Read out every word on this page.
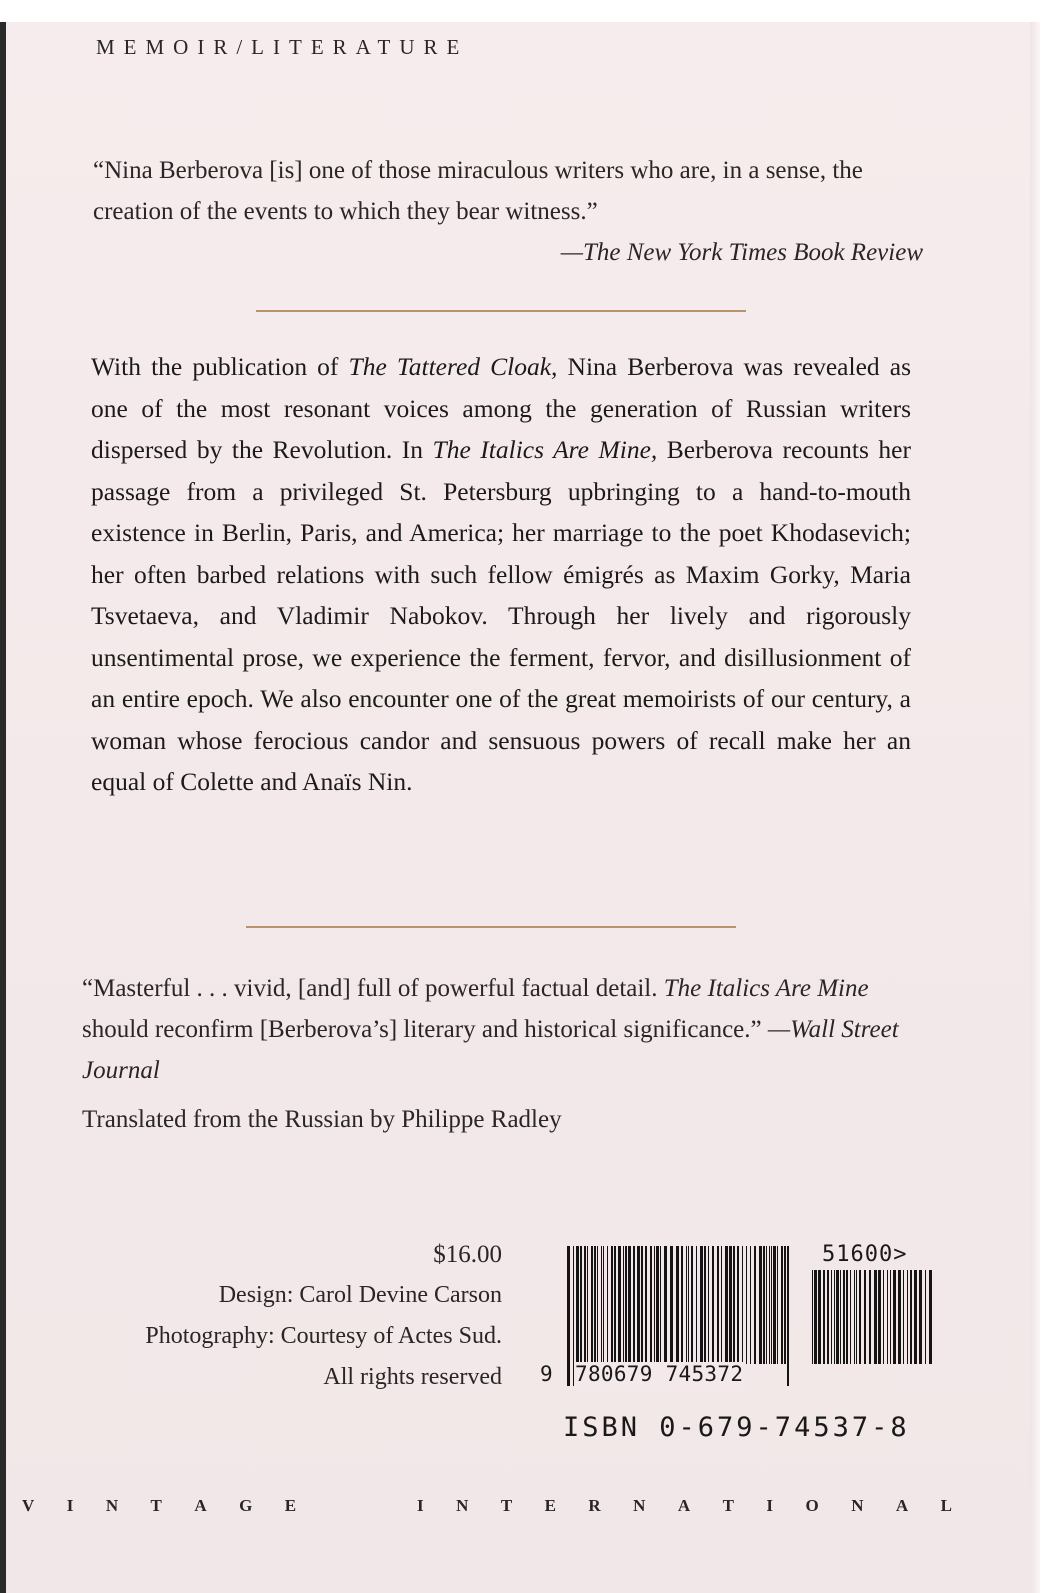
MEMOIR/LITERATURE
“Nina Berberova [is] one of those miraculous writers who are, in a sense, the creation of the events to which they bear witness.”
—The New York Times Book Review
With the publication of The Tattered Cloak, Nina Berberova was revealed as one of the most resonant voices among the generation of Russian writers dispersed by the Revolution. In The Italics Are Mine, Berberova recounts her passage from a privileged St. Petersburg upbringing to a hand-to-mouth existence in Berlin, Paris, and America; her marriage to the poet Khodasevich; her often barbed relations with such fellow émigrés as Maxim Gorky, Maria Tsvetaeva, and Vladimir Nabokov. Through her lively and rigorously unsentimental prose, we experience the ferment, fervor, and disillusionment of an entire epoch. We also encounter one of the great memoirists of our century, a woman whose ferocious candor and sensuous powers of recall make her an equal of Colette and Anaïs Nin.
“Masterful . . . vivid, [and] full of powerful factual detail. The Italics Are Mine should reconfirm [Berberova’s] literary and historical significance.” —Wall Street Journal
Translated from the Russian by Philippe Radley
$16.00
Design: Carol Devine Carson
Photography: Courtesy of Actes Sud.
All rights reserved
51600>
9 780679 745372
ISBN 0-679-74537-8
V I N T A G E	I N T E R N A T I O N A L
